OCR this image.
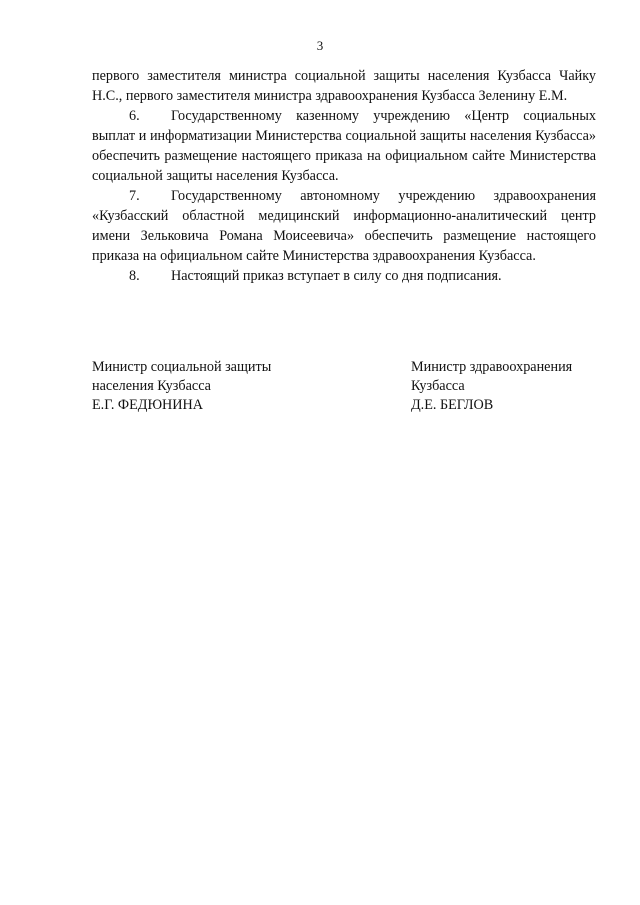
3

первого заместителя министра социальной защиты населения Кузбасса Чайку Н.С., первого заместителя министра здравоохранения Кузбасса Зеленину Е.М.

6. Государственному казенному учреждению «Центр социальных выплат и информатизации Министерства социальной защиты населения Кузбасса» обеспечить размещение настоящего приказа на официальном сайте Министерства социальной защиты населения Кузбасса.

7. Государственному автономному учреждению здравоохранения «Кузбасский областной медицинский информационно-аналитический центр имени Зельковича Романа Моисеевича» обеспечить размещение настоящего приказа на официальном сайте Министерства здравоохранения Кузбасса.

8. Настоящий приказ вступает в силу со дня подписания.

Министр социальной защиты
населения Кузбасса
Е.Г. ФЕДЮНИНА
Министр здравоохранения
Кузбасса
Д.Е. БЕГЛОВ
